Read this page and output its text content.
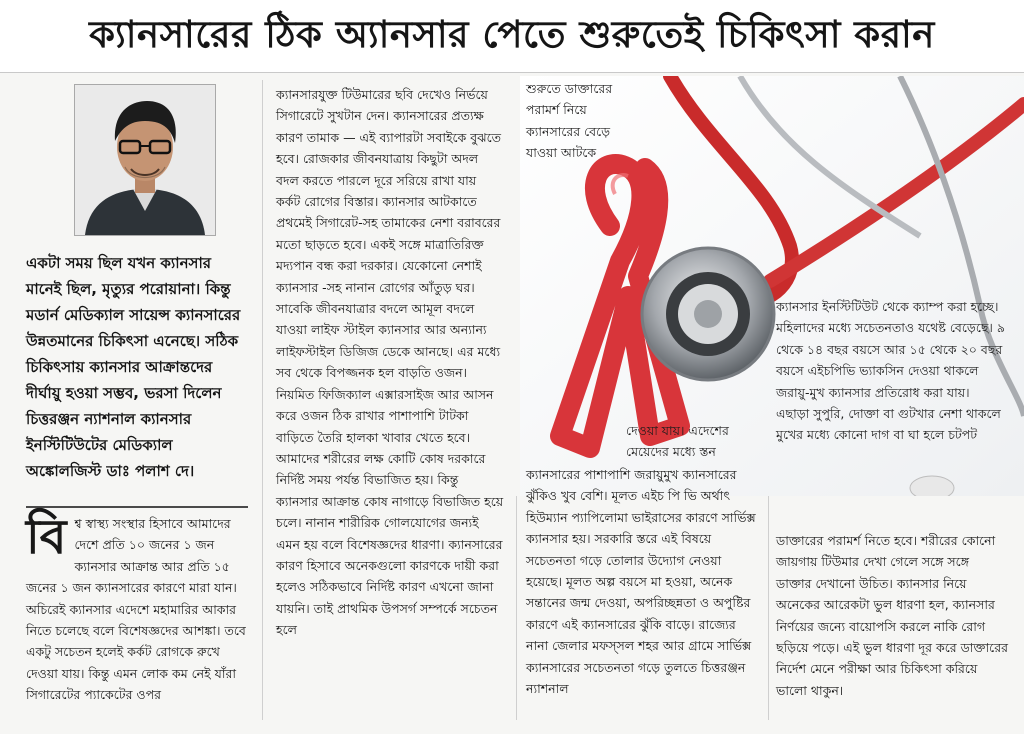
ক্যানসারের ঠিক অ্যানসার পেতে শুরুতেই চিকিৎসা করান
একটা সময় ছিল যখন ক্যানসার মানেই ছিল, মৃত্যুর পরোয়ানা। কিন্তু মডার্ন মেডিক্যাল সায়েন্স ক্যানসারের উন্নতমানের চিকিৎসা এনেছে। সঠিক চিকিৎসায় ক্যানসার আক্রান্তদের দীর্ঘায়ু হওয়া সম্ভব, ভরসা দিলেন চিত্তরঞ্জন ন্যাশনাল ক্যানসার ইনস্টিটিউটের মেডিক্যাল অঙ্কোলজিস্ট ডাঃ পলাশ দে।
বি শ্ব স্বাস্থ্য সংস্থার হিসাবে আমাদের দেশে প্রতি ১০ জনের ১ জন ক্যানসার আক্রান্ত আর প্রতি ১৫ জনের ১ জন ক্যানসারের কারণে মারা যান। অচিরেই ক্যানসার এদেশে মহামারির আকার নিতে চলেছে বলে বিশেষজ্ঞদের আশঙ্কা। তবে একটু সচেতন হলেই কর্কট রোগকে রুখে দেওয়া যায়। কিন্তু এমন লোক কম নেই যাঁরা সিগারেটের প্যাকেটের ওপর
ক্যানসারযুক্ত টিউমারের ছবি দেখেও নির্ভয়ে সিগারেটে সুখটান দেন। ক্যানসারের প্রত্যক্ষ কারণ তামাক — এই ব্যাপারটা সবাইকে বুঝতে হবে। রোজকার জীবনযাত্রায় কিছুটা অদল বদল করতে পারলে দূরে সরিয়ে রাখা যায় কর্কট রোগের বিস্তার। ক্যানসার আটকাতে প্রথমেই সিগারেট-সহ তামাকের নেশা বরাবরের মতো ছাড়তে হবে। একই সঙ্গে মাত্রাতিরিক্ত মদ্যপান বন্ধ করা দরকার। যেকোনো নেশাই ক্যানসার -সহ নানান রোগের আঁতুড় ঘর। সাবেকি জীবনযাত্রার বদলে আমূল বদলে যাওয়া লাইফ স্টাইল ক্যানসার আর অন্যান্য লাইফস্টাইল ডিজিজ ডেকে আনছে। এর মধ্যে সব থেকে বিপজ্জনক হল বাড়তি ওজন। নিয়মিত ফিজিক্যাল এক্সারসাইজ আর আসন করে ওজন ঠিক রাখার পাশাপাশি টাটকা বাড়িতে তৈরি হালকা খাবার খেতে হবে। আমাদের শরীরের লক্ষ কোটি কোষ দরকারে নির্দিষ্ট সময় পর্যন্ত বিভাজিত হয়। কিন্তু ক্যানসার আক্রান্ত কোষ নাগাড়ে বিভাজিত হয়ে চলে। নানান শারীরিক গোলযোগের জন্যই এমন হয় বলে বিশেষজ্ঞদের ধারণা। ক্যানসারের কারণ হিসাবে অনেকগুলো কারণকে দায়ী করা হলেও সঠিকভাবে নির্দিষ্ট কারণ এখনো জানা যায়নি। তাই প্রাথমিক উপসর্গ সম্পর্কে সচেতন হলে
শুরুতে ডাক্তারের পরামর্শ নিয়ে ক্যানসারের বেড়ে যাওয়া আটকে
দেওয়া যায়। এদেশের মেয়েদের মধ্যে স্তন
ক্যানসার ইনস্টিটিউট থেকে ক্যাম্প করা হচ্ছে। মহিলাদের মধ্যে সচেতনতাও যথেষ্ট বেড়েছে। ৯ থেকে ১৪ বছর বয়সে আর ১৫ থেকে ২০ বছর বয়সে এইচপিভি ভ্যাকসিন দেওয়া থাকলে জরায়ু-মুখ ক্যানসার প্রতিরোধ করা যায়। এছাড়া সুপুরি, দোক্তা বা গুটখার নেশা থাকলে মুখের মধ্যে কোনো দাগ বা ঘা হলে চটপট
ক্যানসারের পাশাপাশি জরায়ুমুখ ক্যানসারের ঝুঁকিও খুব বেশি। মূলত এইচ পি ভি অর্থাৎ হিউম্যান প্যাপিলোমা ভাইরাসের কারণে সার্ভিক্স ক্যানসার হয়। সরকারি স্তরে এই বিষয়ে সচেতনতা গড়ে তোলার উদ্যোগ নেওয়া হয়েছে। মূলত অল্প বয়সে মা হওয়া, অনেক সন্তানের জন্ম দেওয়া, অপরিচ্ছন্নতা ও অপুষ্টির কারণে এই ক্যানসারের ঝুঁকি বাড়ে। রাজ্যের নানা জেলার মফস্সল শহর আর গ্রামে সার্ভিক্স ক্যানসারের সচেতনতা গড়ে তুলতে চিত্তরঞ্জন ন্যাশনাল
ডাক্তারের পরামর্শ নিতে হবে। শরীরের কোনো জায়গায় টিউমার দেখা গেলে সঙ্গে সঙ্গে ডাক্তার দেখানো উচিত। ক্যানসার নিয়ে অনেকের আরেকটা ভুল ধারণা হল, ক্যানসার নির্ণয়ের জন্যে বায়োপসি করলে নাকি রোগ ছড়িয়ে পড়ে। এই ভুল ধারণা দূর করে ডাক্তারের নির্দেশ মেনে পরীক্ষা আর চিকিৎসা করিয়ে ভালো থাকুন।
